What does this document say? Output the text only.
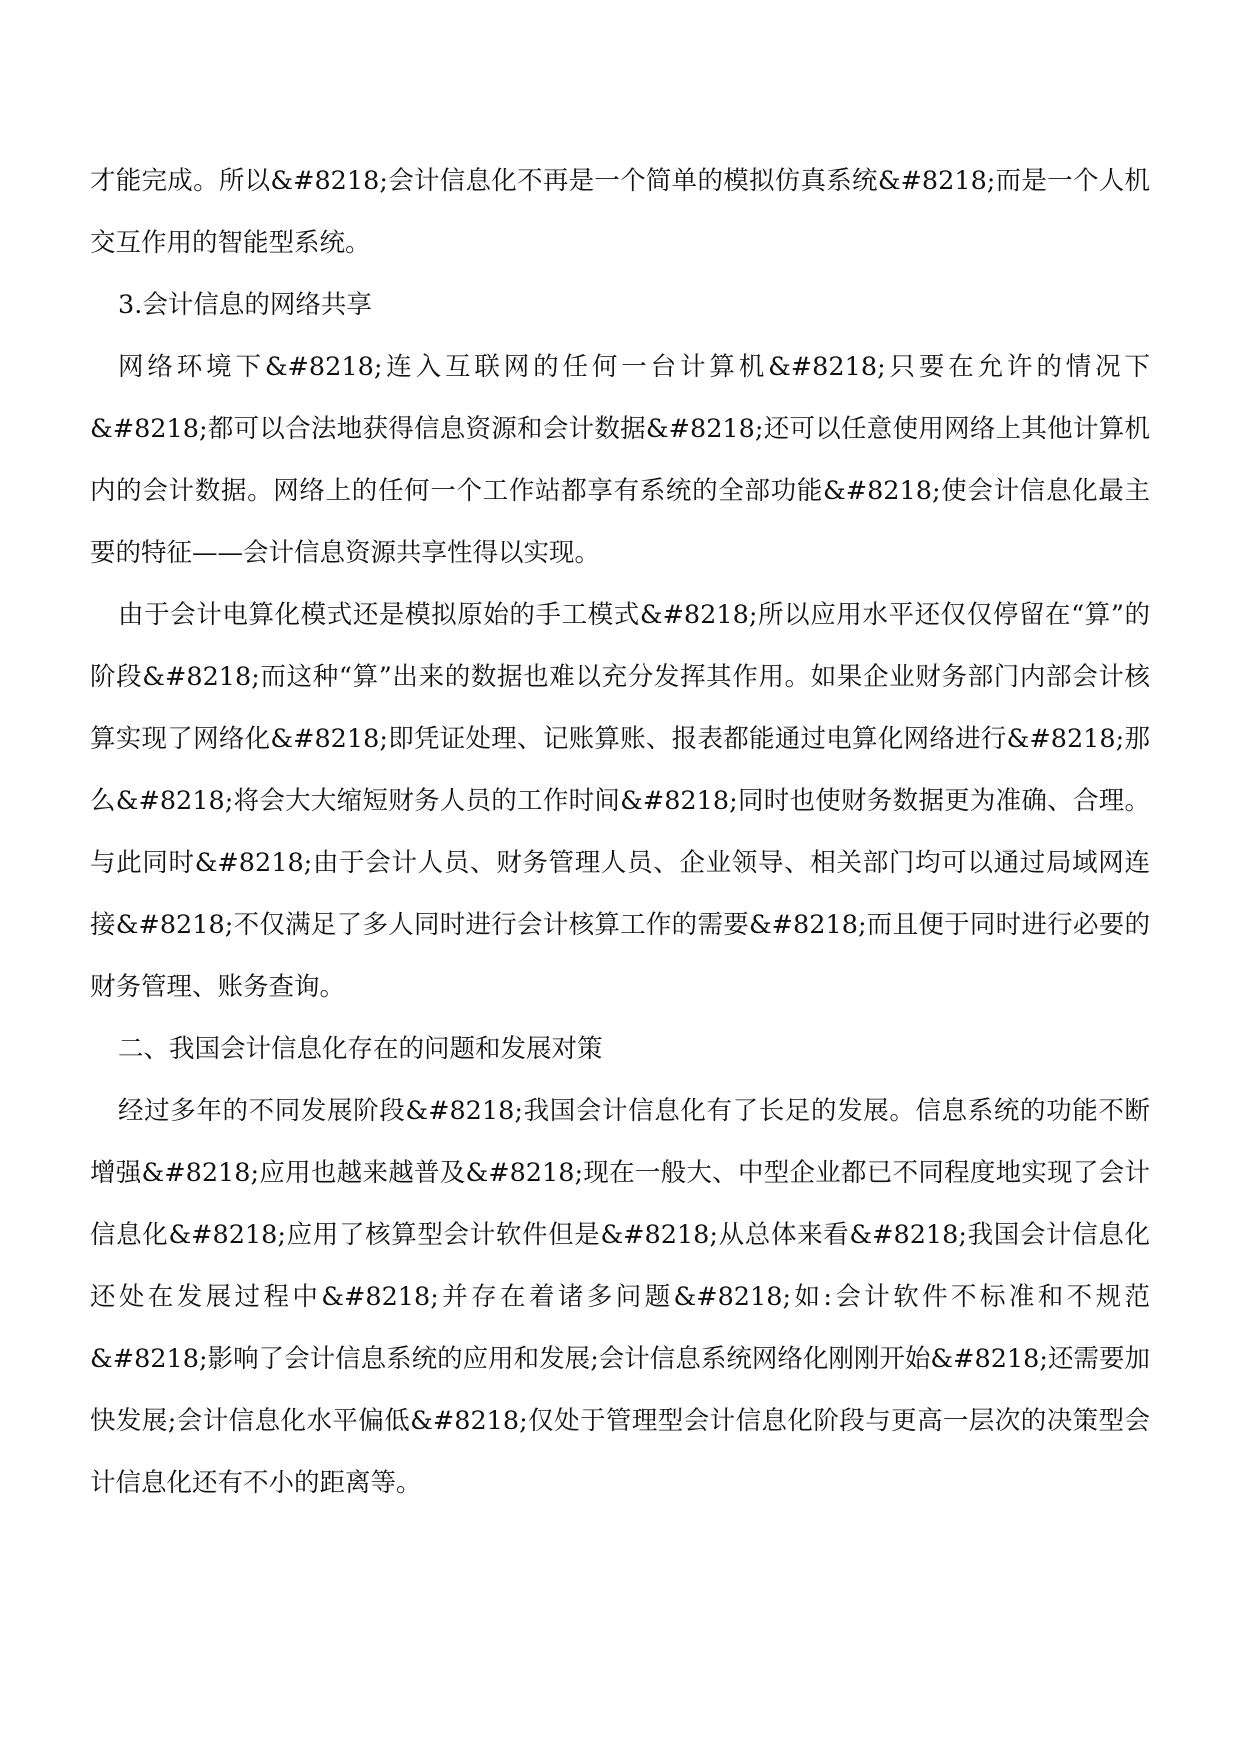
才能完成。所以&#8218;会计信息化不再是一个简单的模拟仿真系统&#8218;而是一个人机交互作用的智能型系统。

3.会计信息的网络共享

网络环境下&#8218;连入互联网的任何一台计算机&#8218;只要在允许的情况下&#8218;都可以合法地获得信息资源和会计数据&#8218;还可以任意使用网络上其他计算机内的会计数据。网络上的任何一个工作站都享有系统的全部功能&#8218;使会计信息化最主要的特征——会计信息资源共享性得以实现。

由于会计电算化模式还是模拟原始的手工模式&#8218;所以应用水平还仅仅停留在“算”的阶段&#8218;而这种“算”出来的数据也难以充分发挥其作用。如果企业财务部门内部会计核算实现了网络化&#8218;即凭证处理、记账算账、报表都能通过电算化网络进行&#8218;那么&#8218;将会大大缩短财务人员的工作时间&#8218;同时也使财务数据更为准确、合理。与此同时&#8218;由于会计人员、财务管理人员、企业领导、相关部门均可以通过局域网连接&#8218;不仅满足了多人同时进行会计核算工作的需要&#8218;而且便于同时进行必要的财务管理、账务查询。

二、我国会计信息化存在的问题和发展对策

经过多年的不同发展阶段&#8218;我国会计信息化有了长足的发展。信息系统的功能不断增强&#8218;应用也越来越普及&#8218;现在一般大、中型企业都已不同程度地实现了会计信息化&#8218;应用了核算型会计软件但是&#8218;从总体来看&#8218;我国会计信息化还处在发展过程中&#8218;并存在着诸多问题&#8218;如:会计软件不标准和不规范&#8218;影响了会计信息系统的应用和发展;会计信息系统网络化刚刚开始&#8218;还需要加快发展;会计信息化水平偏低&#8218;仅处于管理型会计信息化阶段与更高一层次的决策型会计信息化还有不小的距离等。
